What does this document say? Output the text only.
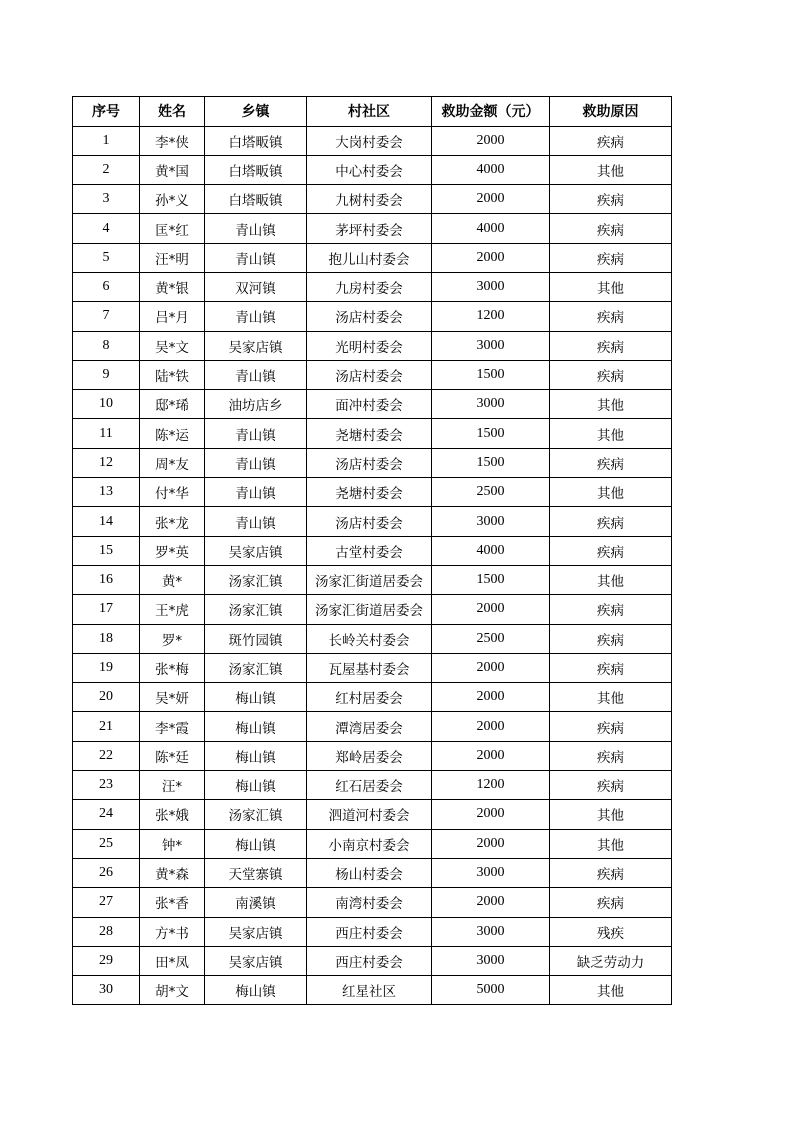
序号	姓名	乡镇	村社区	救助金额（元）	救助原因
1	李*侠	白塔畈镇	大岗村委会	2000	疾病
2	黄*国	白塔畈镇	中心村委会	4000	其他
3	孙*义	白塔畈镇	九树村委会	2000	疾病
4	匡*红	青山镇	茅坪村委会	4000	疾病
5	汪*明	青山镇	抱儿山村委会	2000	疾病
6	黄*银	双河镇	九房村委会	3000	其他
7	吕*月	青山镇	汤店村委会	1200	疾病
8	吴*文	吴家店镇	光明村委会	3000	疾病
9	陆*铁	青山镇	汤店村委会	1500	疾病
10	邸*琋	油坊店乡	面冲村委会	3000	其他
11	陈*运	青山镇	尧塘村委会	1500	其他
12	周*友	青山镇	汤店村委会	1500	疾病
13	付*华	青山镇	尧塘村委会	2500	其他
14	张*龙	青山镇	汤店村委会	3000	疾病
15	罗*英	吴家店镇	古堂村委会	4000	疾病
16	黄*	汤家汇镇	汤家汇街道居委会	1500	其他
17	王*虎	汤家汇镇	汤家汇街道居委会	2000	疾病
18	罗*	斑竹园镇	长岭关村委会	2500	疾病
19	张*梅	汤家汇镇	瓦屋基村委会	2000	疾病
20	吴*妍	梅山镇	红村居委会	2000	其他
21	李*霞	梅山镇	潭湾居委会	2000	疾病
22	陈*廷	梅山镇	郑岭居委会	2000	疾病
23	汪*	梅山镇	红石居委会	1200	疾病
24	张*娥	汤家汇镇	泗道河村委会	2000	其他
25	钟*	梅山镇	小南京村委会	2000	其他
26	黄*森	天堂寨镇	杨山村委会	3000	疾病
27	张*香	南溪镇	南湾村委会	2000	疾病
28	方*书	吴家店镇	西庄村委会	3000	残疾
29	田*凤	吴家店镇	西庄村委会	3000	缺乏劳动力
30	胡*文	梅山镇	红星社区	5000	其他
